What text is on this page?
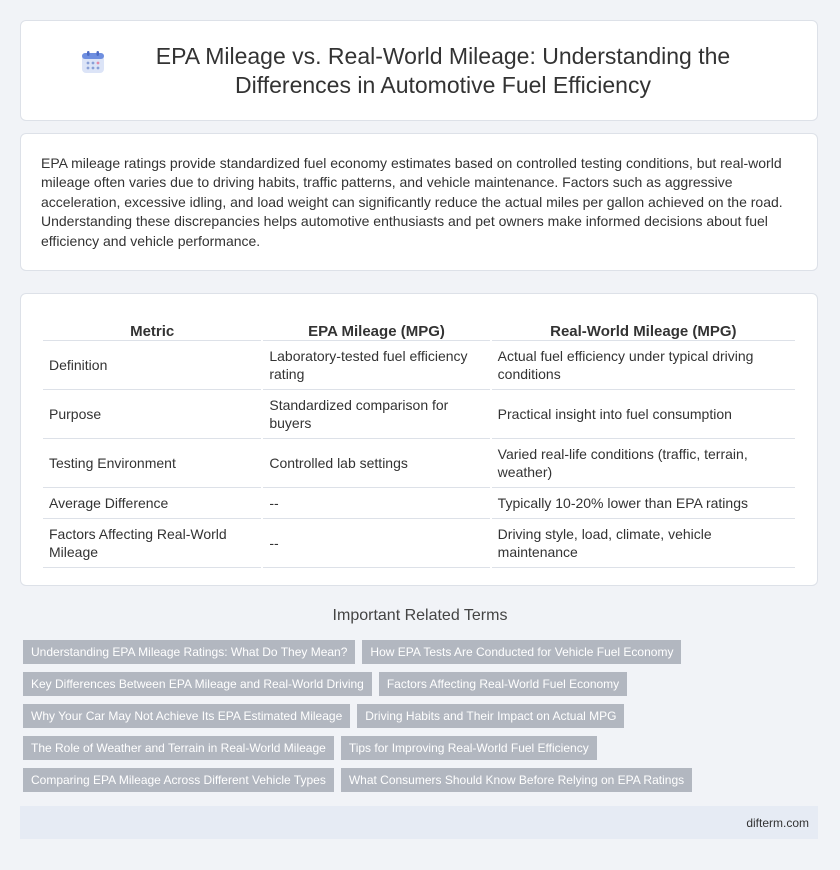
EPA Mileage vs. Real-World Mileage: Understanding the Differences in Automotive Fuel Efficiency

EPA mileage ratings provide standardized fuel economy estimates based on controlled testing conditions, but real-world mileage often varies due to driving habits, traffic patterns, and vehicle maintenance. Factors such as aggressive acceleration, excessive idling, and load weight can significantly reduce the actual miles per gallon achieved on the road. Understanding these discrepancies helps automotive enthusiasts and pet owners make informed decisions about fuel efficiency and vehicle performance.

Metric	EPA Mileage (MPG)	Real-World Mileage (MPG)
Definition	Laboratory-tested fuel efficiency rating	Actual fuel efficiency under typical driving conditions
Purpose	Standardized comparison for buyers	Practical insight into fuel consumption
Testing Environment	Controlled lab settings	Varied real-life conditions (traffic, terrain, weather)
Average Difference	--	Typically 10-20% lower than EPA ratings
Factors Affecting Real-World Mileage	--	Driving style, load, climate, vehicle maintenance
Important Related Terms
Understanding EPA Mileage Ratings: What Do They Mean?	How EPA Tests Are Conducted for Vehicle Fuel Economy
Key Differences Between EPA Mileage and Real-World Driving	Factors Affecting Real-World Fuel Economy
Why Your Car May Not Achieve Its EPA Estimated Mileage	Driving Habits and Their Impact on Actual MPG
The Role of Weather and Terrain in Real-World Mileage	Tips for Improving Real-World Fuel Efficiency
Comparing EPA Mileage Across Different Vehicle Types	What Consumers Should Know Before Relying on EPA Ratings
difterm.com
